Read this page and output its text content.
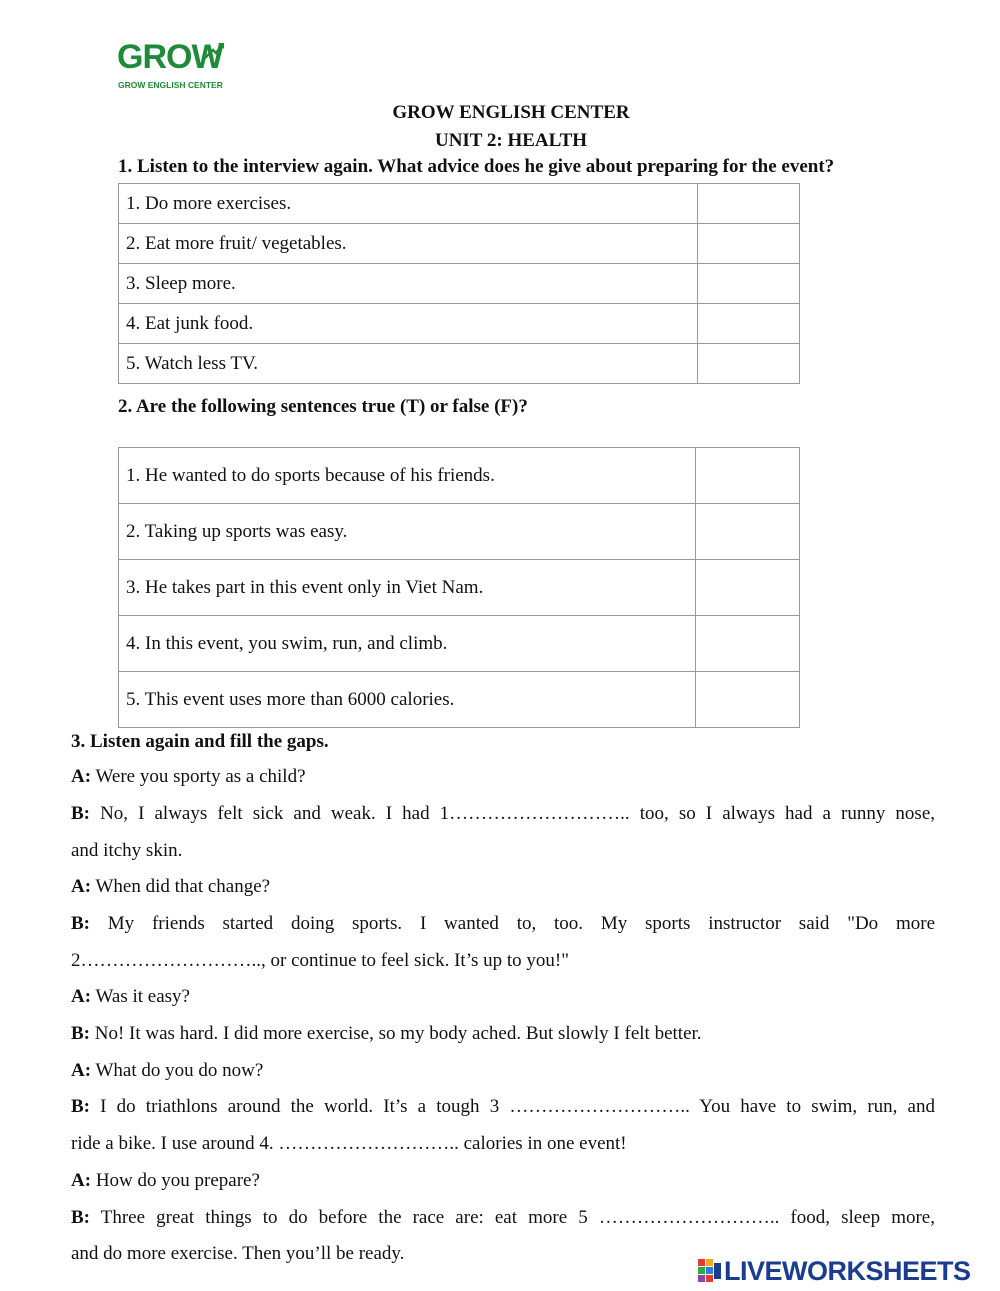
GROW
GROW ENGLISH CENTER
GROW ENGLISH CENTER
UNIT 2: HEALTH
1. Listen to the interview again. What advice does he give about preparing for the event?
1. Do more exercises.	
2. Eat more fruit/ vegetables.	
3. Sleep more.	
4. Eat junk food.	
5. Watch less TV.	
2. Are the following sentences true (T) or false (F)?
1. He wanted to do sports because of his friends.	
2. Taking up sports was easy.	
3. He takes part in this event only in Viet Nam.	
4. In this event, you swim, run, and climb.	
5. This event uses more than 6000 calories.	
3. Listen again and fill the gaps.
A: Were you sporty as a child?
B: No, I always felt sick and weak. I had 1……………………….. too, so I always had a runny nose,
and itchy skin.
A: When did that change?
B: My friends started doing sports. I wanted to, too. My sports instructor said "Do more
2……………………….., or continue to feel sick. It’s up to you!"
A: Was it easy?
B: No! It was hard. I did more exercise, so my body ached. But slowly I felt better.
A: What do you do now?
B: I do triathlons around the world. It’s a tough 3 ……………………….. You have to swim, run, and
ride a bike. I use around 4. ……………………….. calories in one event!
A: How do you prepare?
B: Three great things to do before the race are: eat more 5 ……………………….. food, sleep more,
and do more exercise. Then you’ll be ready.
LIVEWORKSHEETS
